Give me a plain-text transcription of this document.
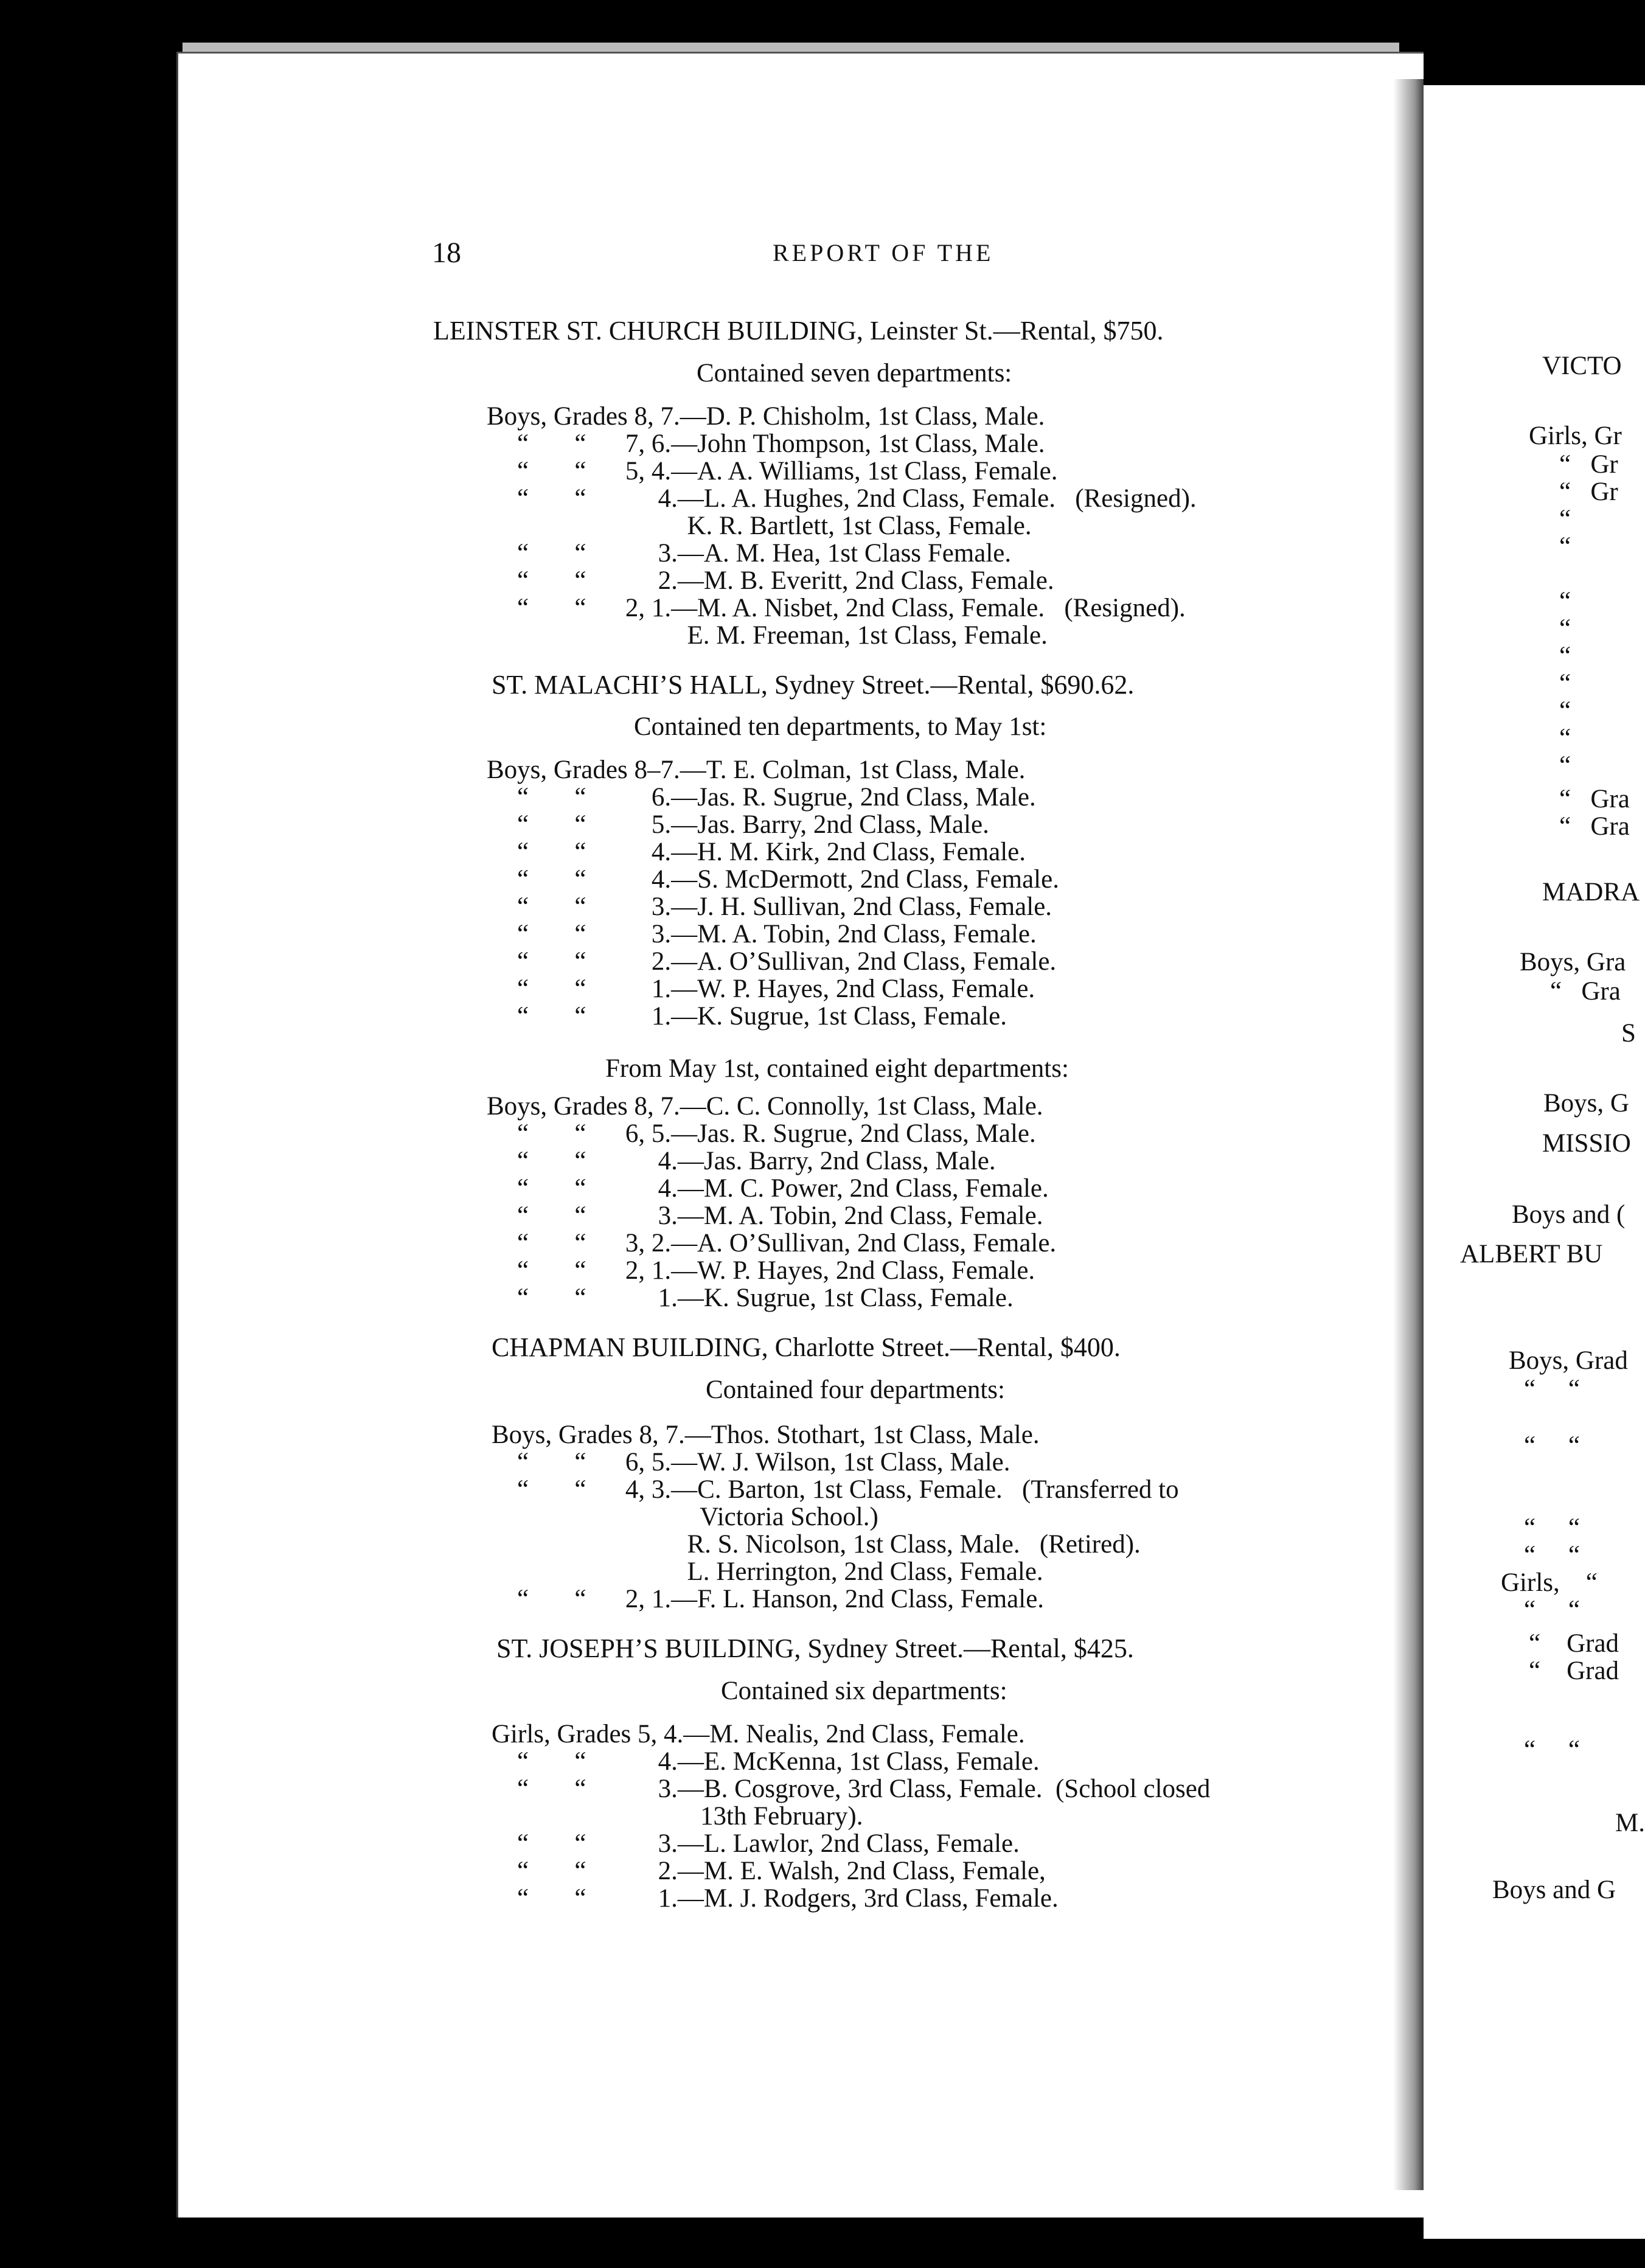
18	REPORT OF THE
LEINSTER ST. CHURCH BUILDING, Leinster St.—Rental, $750.
Contained seven departments:
Boys, Grades 8, 7.—D. P. Chisholm, 1st Class, Male.
“       “      7, 6.—John Thompson, 1st Class, Male.
“       “      5, 4.—A. A. Williams, 1st Class, Female.
“       “           4.—L. A. Hughes, 2nd Class, Female.   (Resigned).
K. R. Bartlett, 1st Class, Female.
“       “           3.—A. M. Hea, 1st Class Female.
“       “           2.—M. B. Everitt, 2nd Class, Female.
“       “      2, 1.—M. A. Nisbet, 2nd Class, Female.   (Resigned).
E. M. Freeman, 1st Class, Female.
ST. MALACHI’S HALL, Sydney Street.—Rental, $690.62.
Contained ten departments, to May 1st:
Boys, Grades 8–7.—T. E. Colman, 1st Class, Male.
“       “          6.—Jas. R. Sugrue, 2nd Class, Male.
“       “          5.—Jas. Barry, 2nd Class, Male.
“       “          4.—H. M. Kirk, 2nd Class, Female.
“       “          4.—S. McDermott, 2nd Class, Female.
“       “          3.—J. H. Sullivan, 2nd Class, Female.
“       “          3.—M. A. Tobin, 2nd Class, Female.
“       “          2.—A. O’Sullivan, 2nd Class, Female.
“       “          1.—W. P. Hayes, 2nd Class, Female.
“       “          1.—K. Sugrue, 1st Class, Female.
From May 1st, contained eight departments:
Boys, Grades 8, 7.—C. C. Connolly, 1st Class, Male.
“       “      6, 5.—Jas. R. Sugrue, 2nd Class, Male.
“       “           4.—Jas. Barry, 2nd Class, Male.
“       “           4.—M. C. Power, 2nd Class, Female.
“       “           3.—M. A. Tobin, 2nd Class, Female.
“       “      3, 2.—A. O’Sullivan, 2nd Class, Female.
“       “      2, 1.—W. P. Hayes, 2nd Class, Female.
“       “           1.—K. Sugrue, 1st Class, Female.
CHAPMAN BUILDING, Charlotte Street.—Rental, $400.
Contained four departments:
Boys, Grades 8, 7.—Thos. Stothart, 1st Class, Male.
“       “      6, 5.—W. J. Wilson, 1st Class, Male.
“       “      4, 3.—C. Barton, 1st Class, Female.   (Transferred to
Victoria School.)
R. S. Nicolson, 1st Class, Male.   (Retired).
L. Herrington, 2nd Class, Female.
“       “      2, 1.—F. L. Hanson, 2nd Class, Female.
ST. JOSEPH’S BUILDING, Sydney Street.—Rental, $425.
Contained six departments:
Girls, Grades 5, 4.—M. Nealis, 2nd Class, Female.
“       “           4.—E. McKenna, 1st Class, Female.
“       “           3.—B. Cosgrove, 3rd Class, Female.  (School closed
13th February).
“       “           3.—L. Lawlor, 2nd Class, Female.
“       “           2.—M. E. Walsh, 2nd Class, Female,
“       “           1.—M. J. Rodgers, 3rd Class, Female.
VICTO
Girls, Gr
“   Gr
“   Gr
“
“
“
“
“
“
“
“
“
“   Gra
“   Gra
MADRA
Boys, Gra
“   Gra
S
Boys, G
MISSIO
Boys and (
ALBERT BU
Boys, Grad
“     “
“     “
“     “
“     “
Girls,    “
“     “
“    Grad
“    Grad
“     “
M.
Boys and G
